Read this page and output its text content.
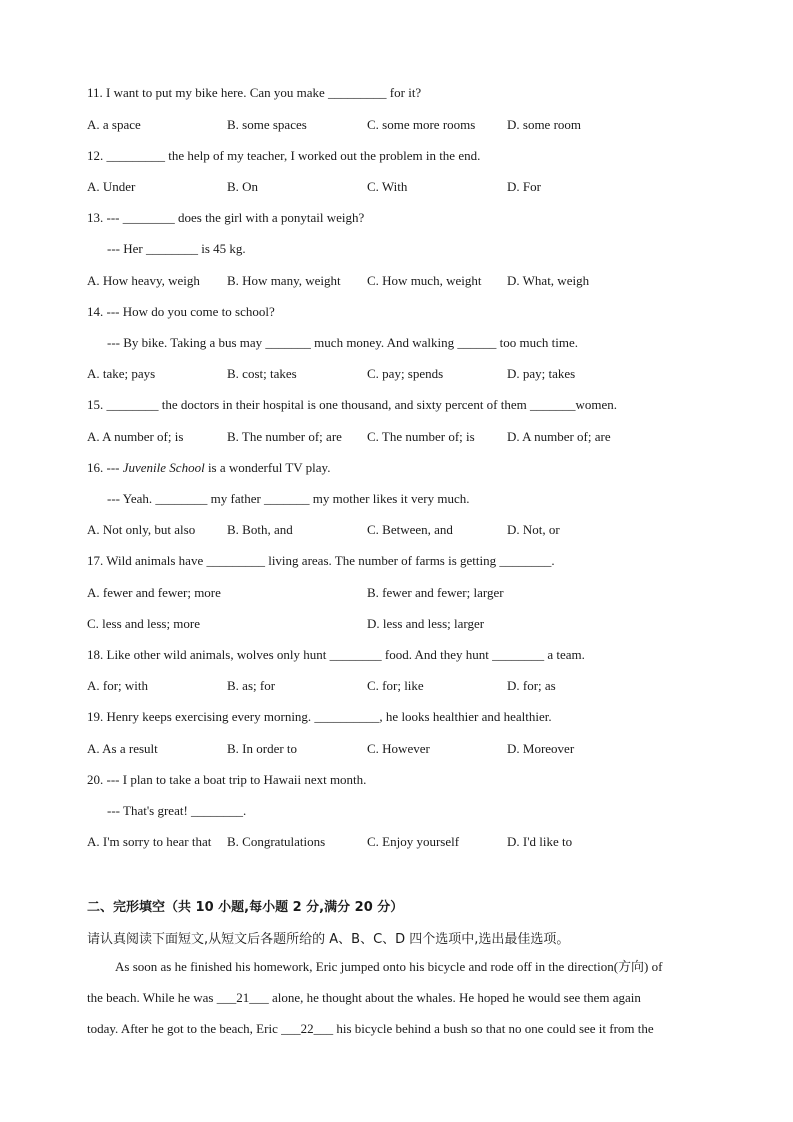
11. I want to put my bike here. Can you make _________ for it?
A. a space	B. some spaces	C. some more rooms D. some room
12. _________ the help of my teacher, I worked out the problem in the end.
A. Under	B. On	C. With	D. For
13. --- ________ does the girl with a ponytail weigh?
--- Her ________ is 45 kg.
A. How heavy, weigh B. How many, weight C. How much, weight D. What, weigh
14. --- How do you come to school?
--- By bike. Taking a bus may _______ much money. And walking ______ too much time.
A. take; pays	B. cost; takes	C. pay; spends	D. pay; takes
15. ________ the doctors in their hospital is one thousand, and sixty percent of them _______women.
A. A number of; is	B. The number of; are C. The number of; is D. A number of; are
16. --- Juvenile School is a wonderful TV play.
--- Yeah. ________ my father _______ my mother likes it very much.
A. Not only, but also B. Both, and	C. Between, and	D. Not, or
17. Wild animals have _________ living areas. The number of farms is getting ________.
A. fewer and fewer; more	B. fewer and fewer; larger
C. less and less; more	D. less and less; larger
18. Like other wild animals, wolves only hunt ________ food. And they hunt ________ a team.
A. for; with	B. as; for	C. for; like	D. for; as
19. Henry keeps exercising every morning. __________, he looks healthier and healthier.
A. As a result	B. In order to	C. However	D. Moreover
20. --- I plan to take a boat trip to Hawaii next month.
--- That's great! ________.
A. I'm sorry to hear that B. Congratulations	C. Enjoy yourself	D. I'd like to
二、完形填空（共 10 小题,每小题 2 分,满分 20 分）
请认真阅读下面短文,从短文后各题所给的 A、B、C、D 四个选项中,选出最佳选项。
As soon as he finished his homework, Eric jumped onto his bicycle and rode off in the direction(方向) of
the beach. While he was ___21___ alone, he thought about the whales. He hoped he would see them again
today. After he got to the beach, Eric ___22___ his bicycle behind a bush so that no one could see it from the
